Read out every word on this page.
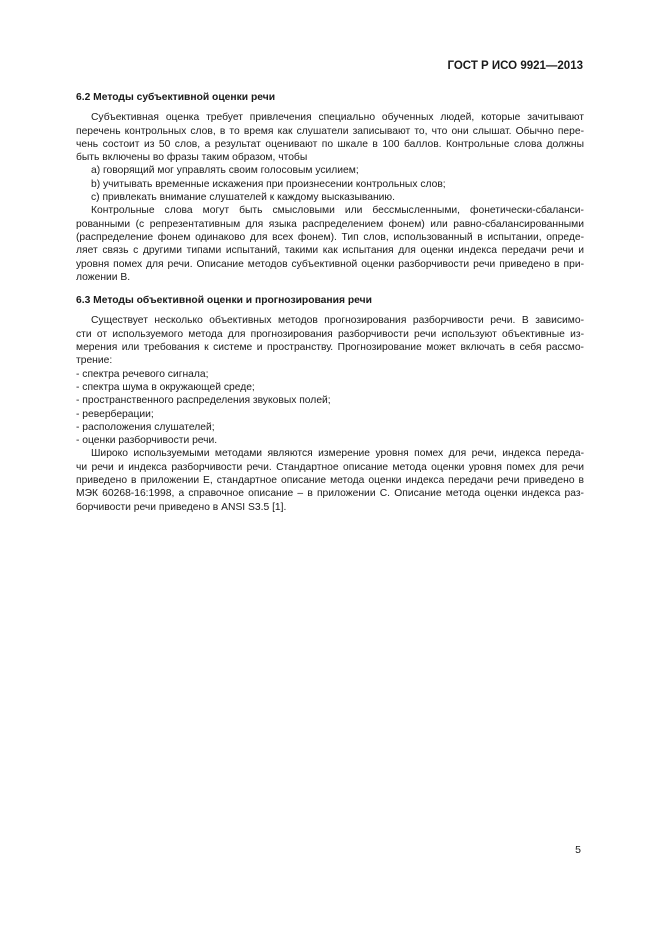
ГОСТ Р ИСО 9921—2013
6.2 Методы субъективной оценки речи
Субъективная оценка требует привлечения специально обученных людей, которые зачитывают
перечень контрольных слов, в то время как слушатели записывают то, что они слышат. Обычно пере-
чень состоит из 50 слов, а результат оценивают по шкале в 100 баллов. Контрольные слова должны
быть включены во фразы таким образом, чтобы
a) говорящий мог управлять своим голосовым усилием;
b) учитывать временные искажения при произнесении контрольных слов;
c) привлекать внимание слушателей к каждому высказыванию.
Контрольные слова могут быть смысловыми или бессмысленными, фонетически-сбаланси-
рованными (с репрезентативным для языка распределением фонем) или равно-сбалансированными
(распределение фонем одинаково для всех фонем). Тип слов, использованный в испытании, опреде-
ляет связь с другими типами испытаний, такими как испытания для оценки индекса передачи речи и
уровня помех для речи. Описание методов субъективной оценки разборчивости речи приведено в при-
ложении B.
6.3 Методы объективной оценки и прогнозирования речи
Существует несколько объективных методов прогнозирования разборчивости речи. В зависимо-
сти от используемого метода для прогнозирования разборчивости речи используют объективные из-
мерения или требования к системе и пространству. Прогнозирование может включать в себя рассмо-
трение:
- спектра речевого сигнала;
- спектра шума в окружающей среде;
- пространственного распределения звуковых полей;
- реверберации;
- расположения слушателей;
- оценки разборчивости речи.
Широко используемыми методами являются измерение уровня помех для речи, индекса переда-
чи речи и индекса разборчивости речи. Стандартное описание метода оценки уровня помех для речи
приведено в приложении E, стандартное описание метода оценки индекса передачи речи приведено в
МЭК 60268-16:1998, а справочное описание – в приложении C. Описание метода оценки индекса раз-
борчивости речи приведено в ANSI S3.5 [1].
5
